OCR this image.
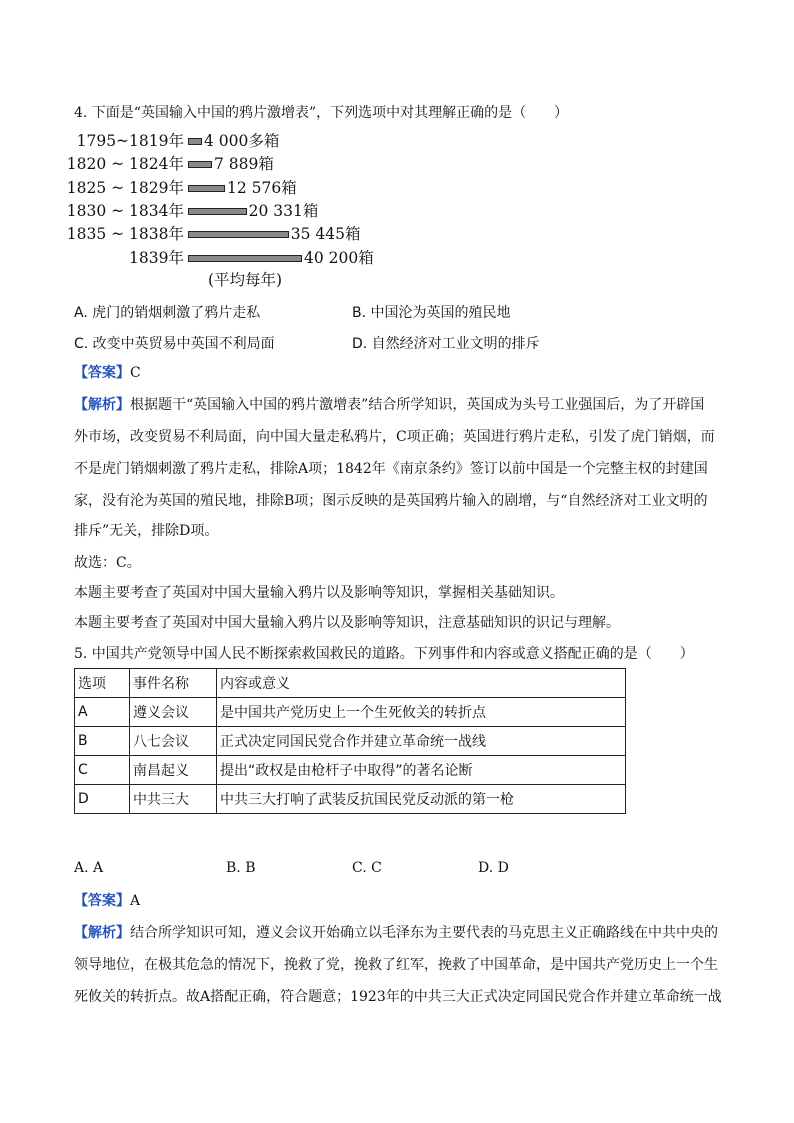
4. 下面是“英国输入中国的鸦片激增表”，下列选项中对其理解正确的是（　　）
1795~1819年 4 000多箱
1820 ~ 1824年 7 889箱
1825 ~ 1829年	12 576箱
1830 ~ 1834年	20 331箱
1835 ~ 1838年	35 445箱
1839年	40 200箱
(平均每年)
A. 虎门的销烟刺激了鸦片走私	B. 中国沦为英国的殖民地
C. 改变中英贸易中英国不利局面	D. 自然经济对工业文明的排斥
【答案】C
【解析】根据题干“英国输入中国的鸦片激增表”结合所学知识，英国成为头号工业强国后，为了开辟国
外市场，改变贸易不利局面，向中国大量走私鸦片，C项正确；英国进行鸦片走私，引发了虎门销烟，而
不是虎门销烟刺激了鸦片走私，排除A项；1842年《南京条约》签订以前中国是一个完整主权的封建国
家，没有沦为英国的殖民地，排除B项；图示反映的是英国鸦片输入的剧增，与“自然经济对工业文明的
排斥”无关，排除D项。
故选：C。
本题主要考查了英国对中国大量输入鸦片以及影响等知识，掌握相关基础知识。
本题主要考查了英国对中国大量输入鸦片以及影响等知识，注意基础知识的识记与理解。
5. 中国共产党领导中国人民不断探索救国救民的道路。下列事件和内容或意义搭配正确的是（　　）
选项	事件名称	内容或意义
A	遵义会议	是中国共产党历史上一个生死攸关的转折点
B	八七会议	正式决定同国民党合作并建立革命统一战线
C	南昌起义	提出“政权是由枪杆子中取得”的著名论断
D	中共三大	中共三大打响了武装反抗国民党反动派的第一枪
A. A	B. B	C. C	D. D
【答案】A
【解析】结合所学知识可知，遵义会议开始确立以毛泽东为主要代表的马克思主义正确路线在中共中央的
领导地位，在极其危急的情况下，挽救了党，挽救了红军，挽救了中国革命，是中国共产党历史上一个生
死攸关的转折点。故A搭配正确，符合题意；1923年的中共三大正式决定同国民党合作并建立革命统一战
